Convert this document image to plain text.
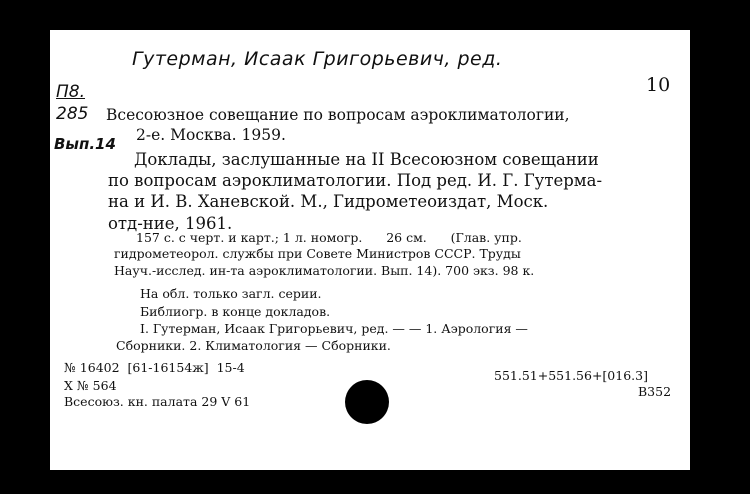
Гутерман, Исаак Григорьевич, ред.
П8.
285
Вып.14
10
Всесоюзное совещание по вопросам аэроклиматологии,
2-е. Москва. 1959.
Доклады, заслушанные на II Всесоюзном совещании
по вопросам аэроклиматологии. Под ред. И. Г. Гутерма-
на и И. В. Ханевской. М., Гидрометеоиздат, Моск.
отд-ние, 1961.
157 с. с черт. и карт.; 1 л. номогр.      26 см.      (Глав. упр.
гидрометеорол. службы при Совете Министров СССР. Труды
Науч.-исслед. ин-та аэроклиматологии. Вып. 14). 700 экз. 98 к.
На обл. только загл. серии.
Библиогр. в конце докладов.
I. Гутерман, Исаак Григорьевич, ред. — — 1. Аэрология —
Сборники. 2. Климатология — Сборники.
№ 16402  [61-16154ж]  15-4
Х № 564
Всесоюз. кн. палата 29 V 61
551.51+551.56+[016.3]
В352
